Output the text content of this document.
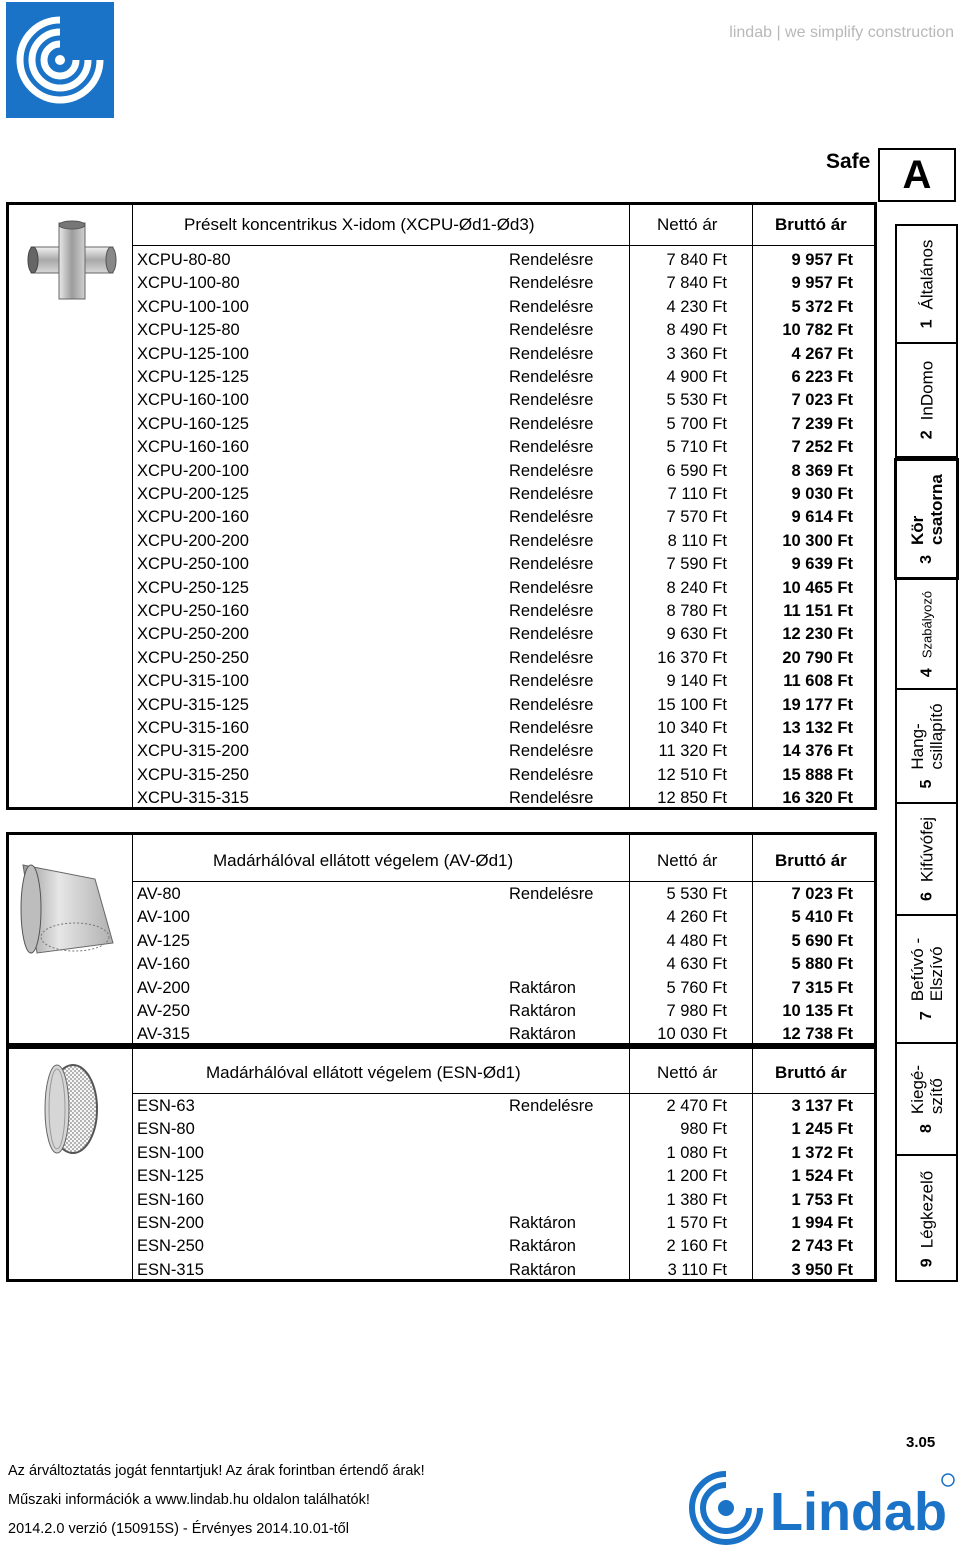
lindab | we simplify construction
Safe A
Préselt koncentrikus X-idom (XCPU-Ød1-Ød3)	Nettó ár	Bruttó ár
XCPU-80-80	Rendelésre	7 840 Ft	9 957 Ft
XCPU-100-80	Rendelésre	7 840 Ft	9 957 Ft
XCPU-100-100	Rendelésre	4 230 Ft	5 372 Ft
XCPU-125-80	Rendelésre	8 490 Ft	10 782 Ft
XCPU-125-100	Rendelésre	3 360 Ft	4 267 Ft
XCPU-125-125	Rendelésre	4 900 Ft	6 223 Ft
XCPU-160-100	Rendelésre	5 530 Ft	7 023 Ft
XCPU-160-125	Rendelésre	5 700 Ft	7 239 Ft
XCPU-160-160	Rendelésre	5 710 Ft	7 252 Ft
XCPU-200-100	Rendelésre	6 590 Ft	8 369 Ft
XCPU-200-125	Rendelésre	7 110 Ft	9 030 Ft
XCPU-200-160	Rendelésre	7 570 Ft	9 614 Ft
XCPU-200-200	Rendelésre	8 110 Ft	10 300 Ft
XCPU-250-100	Rendelésre	7 590 Ft	9 639 Ft
XCPU-250-125	Rendelésre	8 240 Ft	10 465 Ft
XCPU-250-160	Rendelésre	8 780 Ft	11 151 Ft
XCPU-250-200	Rendelésre	9 630 Ft	12 230 Ft
XCPU-250-250	Rendelésre	16 370 Ft	20 790 Ft
XCPU-315-100	Rendelésre	9 140 Ft	11 608 Ft
XCPU-315-125	Rendelésre	15 100 Ft	19 177 Ft
XCPU-315-160	Rendelésre	10 340 Ft	13 132 Ft
XCPU-315-200	Rendelésre	11 320 Ft	14 376 Ft
XCPU-315-250	Rendelésre	12 510 Ft	15 888 Ft
XCPU-315-315	Rendelésre	12 850 Ft	16 320 Ft
Madárhálóval ellátott végelem (AV-Ød1)	Nettó ár	Bruttó ár
AV-80	Rendelésre	5 530 Ft	7 023 Ft
AV-100	4 260 Ft	5 410 Ft
AV-125	4 480 Ft	5 690 Ft
AV-160	4 630 Ft	5 880 Ft
AV-200	Raktáron	5 760 Ft	7 315 Ft
AV-250	Raktáron	7 980 Ft	10 135 Ft
AV-315	Raktáron	10 030 Ft	12 738 Ft
Madárhálóval ellátott végelem (ESN-Ød1)	Nettó ár	Bruttó ár
ESN-63	Rendelésre	2 470 Ft	3 137 Ft
ESN-80	980 Ft	1 245 Ft
ESN-100	1 080 Ft	1 372 Ft
ESN-125	1 200 Ft	1 524 Ft
ESN-160	1 380 Ft	1 753 Ft
ESN-200	Raktáron	1 570 Ft	1 994 Ft
ESN-250	Raktáron	2 160 Ft	2 743 Ft
ESN-315	Raktáron	3 110 Ft	3 950 Ft
1
Általános
2
InDomo
3
Kör
csatorna
4
Szabályozó
5
Hang-
csillapító
6
Kifúvófej
7
Befúvó -
Elszívó
8
Kiegé-
szítő
9
Légkezelő
3.05
Az árváltoztatás jogát fenntartjuk! Az árak forintban értendő árak!
Műszaki információk a www.lindab.hu oldalon találhatók!
2014.2.0 verzió (150915S) - Érvényes 2014.10.01-től	Lindab
